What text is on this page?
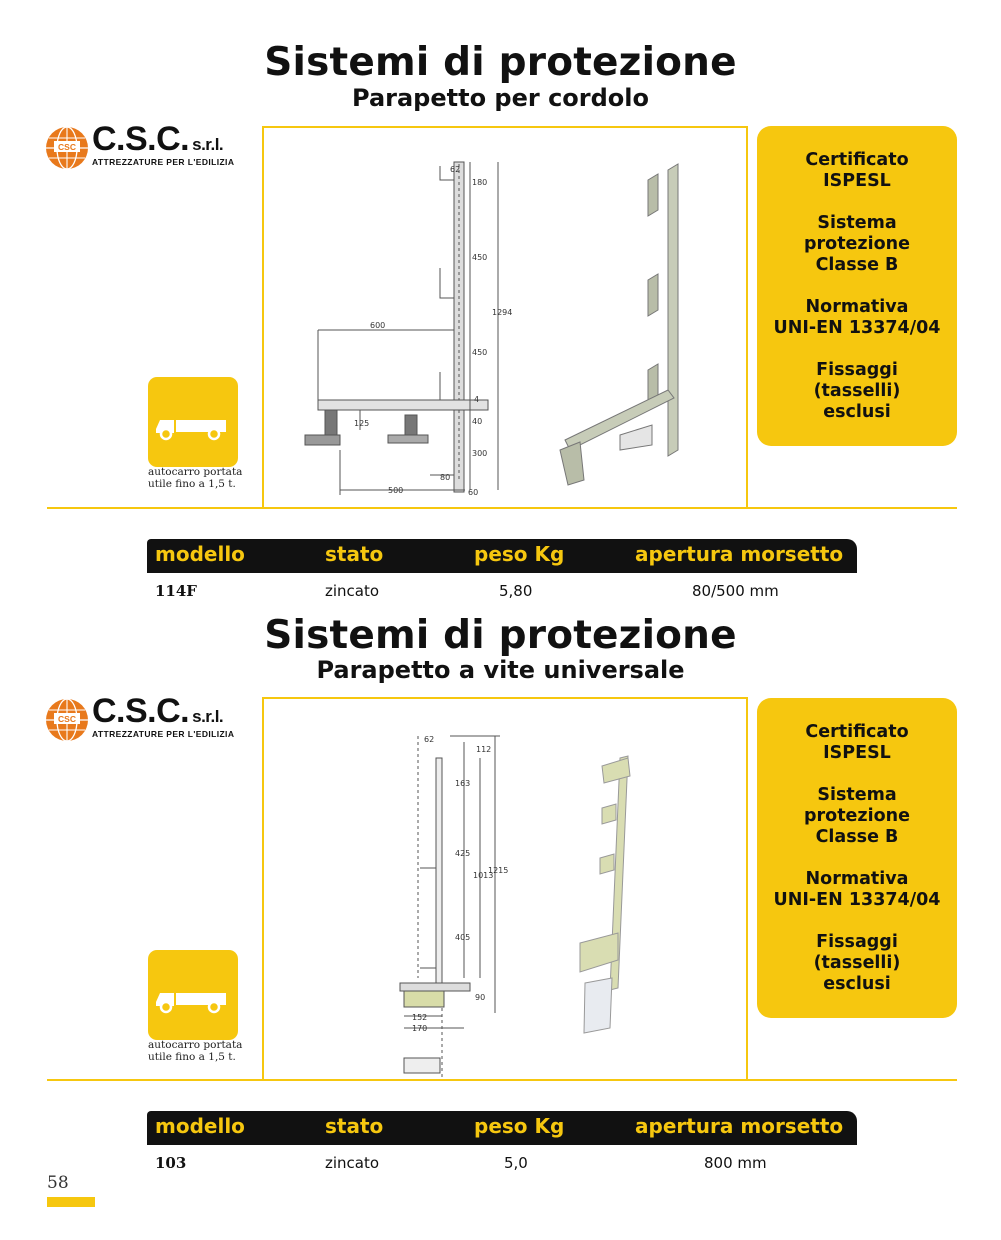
Sistemi di protezione
Parapetto per cordolo
CSC C.S.C. s.r.l.
ATTREZZATURE PER L'EDILIZIA
autocarro portata
utile fino a 1,5 t.
62
180
450
1294
450
4
40
300
600
125
80
500	60

Certificato
ISPESL

Sistema
protezione
Classe B

Normativa
UNI-EN 13374/04

Fissaggi
(tasselli)
esclusi

modello	stato	peso Kg	apertura morsetto
114F	zincato	5,80	80/500 mm
Sistemi di protezione
Parapetto a vite universale
CSC C.S.C. s.r.l.
ATTREZZATURE PER L'EDILIZIA
autocarro portata
utile fino a 1,5 t.
62
112
163
425
1013
1215
405
90
152
170

Certificato
ISPESL

Sistema
protezione
Classe B

Normativa
UNI-EN 13374/04

Fissaggi
(tasselli)
esclusi

modello	stato	peso Kg	apertura morsetto
103	zincato	5,0	800 mm
58
